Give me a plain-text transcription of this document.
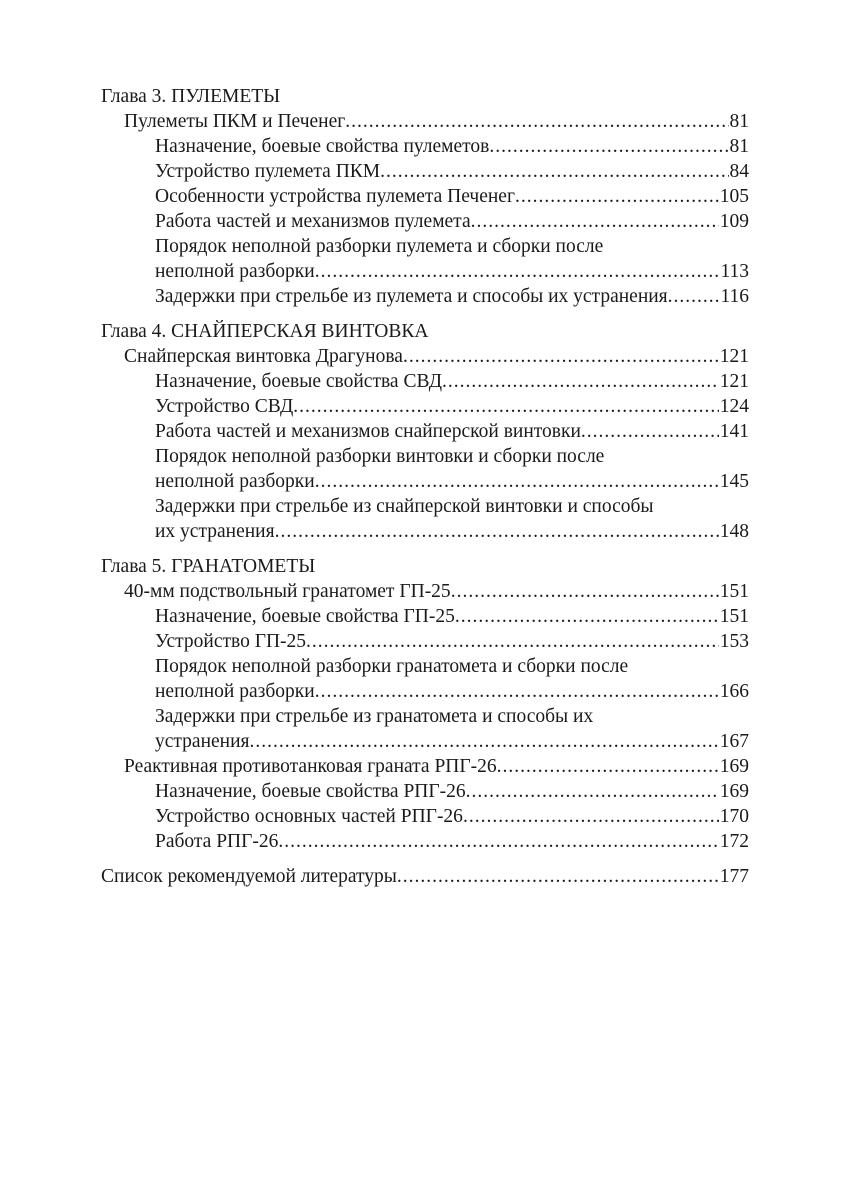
Глава 3. ПУЛЕМЕТЫ
Пулеметы ПКМ и Печенег .....	81
Назначение, боевые свойства пулеметов .....	81
Устройство пулемета ПКМ .....	84
Особенности устройства пулемета Печенег .....	105
Работа частей и механизмов пулемета .....	109
Порядок неполной разборки пулемета и сборки после
неполной разборки .....	113
Задержки при стрельбе из пулемета и способы их устранения .....	116
Глава 4. СНАЙПЕРСКАЯ ВИНТОВКА
Снайперская винтовка Драгунова .....	121
Назначение, боевые свойства СВД .....	121
Устройство СВД .....	124
Работа частей и механизмов снайперской винтовки .....	141
Порядок неполной разборки винтовки и сборки после
неполной разборки .....	145
Задержки при стрельбе из снайперской винтовки и способы
их устранения .....	148
Глава 5. ГРАНАТОМЕТЫ
40-мм подствольный гранатомет ГП-25 .....	151
Назначение, боевые свойства ГП-25 .....	151
Устройство ГП-25 .....	153
Порядок неполной разборки гранатомета и сборки после
неполной разборки .....	166
Задержки при стрельбе из гранатомета и способы их
устранения .....	167
Реактивная противотанковая граната РПГ-26 .....	169
Назначение, боевые свойства РПГ-26 .....	169
Устройство основных частей РПГ-26 .....	170
Работа РПГ-26 .....	172
Список рекомендуемой литературы .....	177
